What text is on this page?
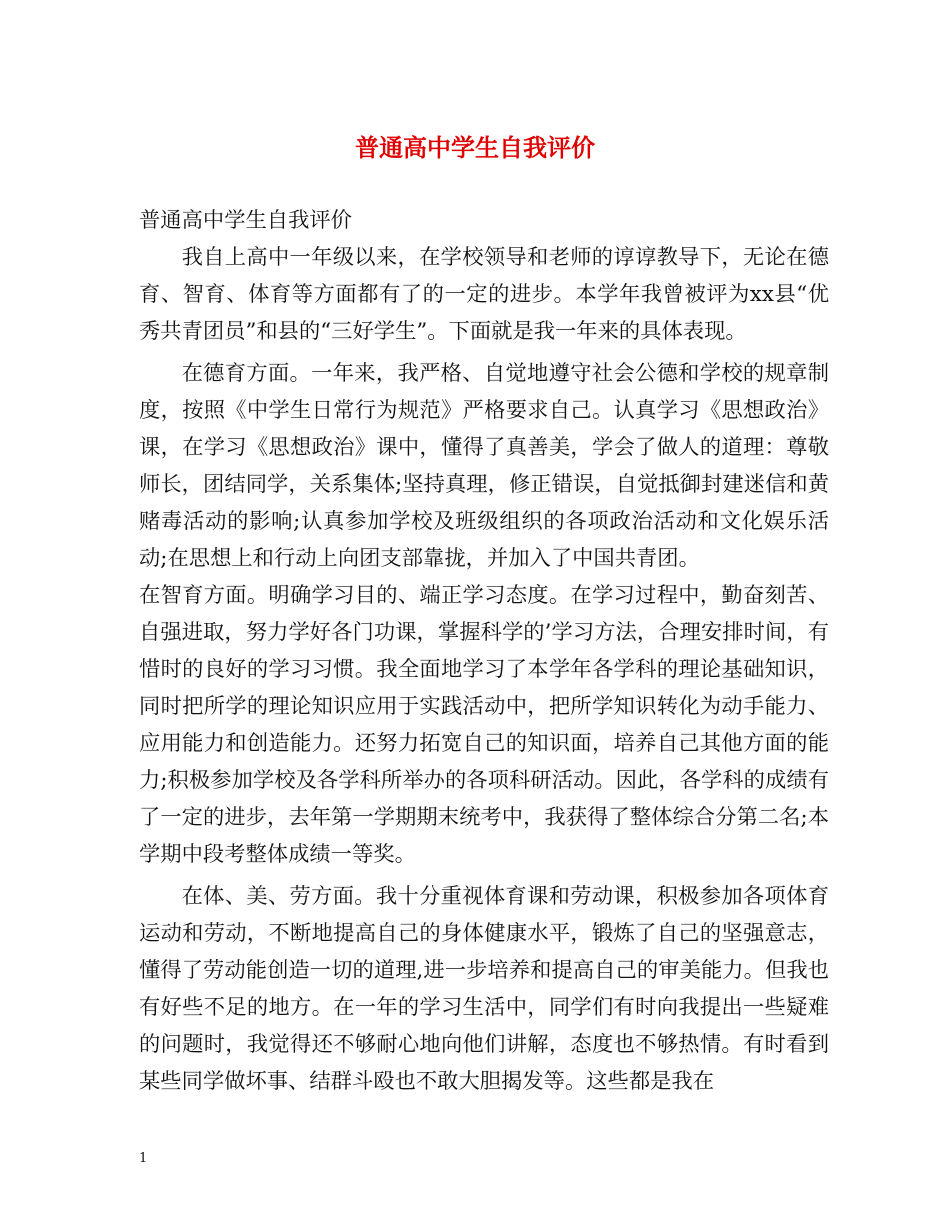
普通高中学生自我评价

普通高中学生自我评价

我自上高中一年级以来，在学校领导和老师的谆谆教导下，无论在德育、智育、体育等方面都有了的一定的进步。本学年我曾被评为xx县“优秀共青团员”和县的“三好学生”。下面就是我一年来的具体表现。

在德育方面。一年来，我严格、自觉地遵守社会公德和学校的规章制度，按照《中学生日常行为规范》严格要求自己。认真学习《思想政治》课，在学习《思想政治》课中，懂得了真善美，学会了做人的道理：尊敬师长，团结同学，关系集体;坚持真理，修正错误，自觉抵御封建迷信和黄赌毒活动的影响;认真参加学校及班级组织的各项政治活动和文化娱乐活动;在思想上和行动上向团支部靠拢，并加入了中国共青团。

在智育方面。明确学习目的、端正学习态度。在学习过程中，勤奋刻苦、自强进取，努力学好各门功课，掌握科学的’学习方法，合理安排时间，有惜时的良好的学习习惯。我全面地学习了本学年各学科的理论基础知识，同时把所学的理论知识应用于实践活动中，把所学知识转化为动手能力、应用能力和创造能力。还努力拓宽自己的知识面，培养自己其他方面的能力;积极参加学校及各学科所举办的各项科研活动。因此，各学科的成绩有了一定的进步，去年第一学期期末统考中，我获得了整体综合分第二名;本学期中段考整体成绩一等奖。

在体、美、劳方面。我十分重视体育课和劳动课，积极参加各项体育运动和劳动，不断地提高自己的身体健康水平，锻炼了自己的坚强意志，懂得了劳动能创造一切的道理,进一步培养和提高自己的审美能力。但我也有好些不足的地方。在一年的学习生活中，同学们有时向我提出一些疑难的问题时，我觉得还不够耐心地向他们讲解，态度也不够热情。有时看到某些同学做坏事、结群斗殴也不敢大胆揭发等。这些都是我在

1
